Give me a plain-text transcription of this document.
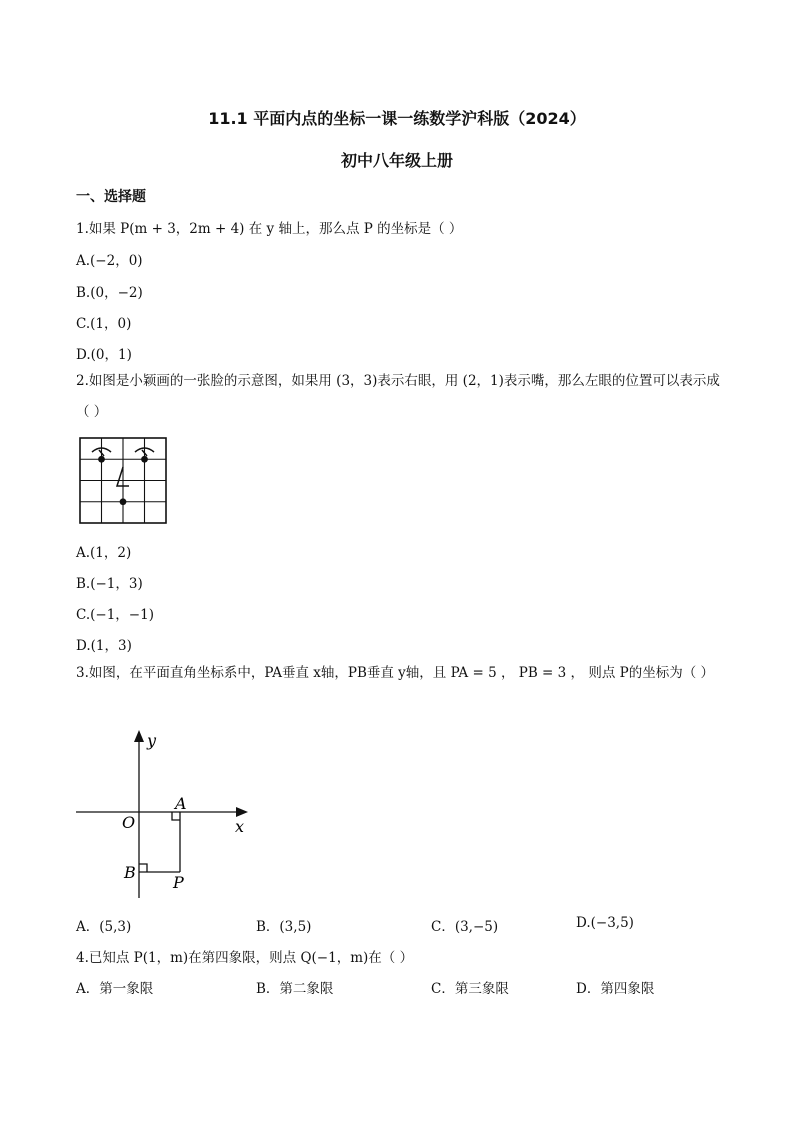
11.1 平面内点的坐标一课一练数学沪科版（2024）
初中八年级上册
一、选择题
1.如果 P(m + 3，2m + 4) 在 y 轴上，那么点 P 的坐标是（ ）
A.(−2，0)
B.(0，−2)
C.(1，0)
D.(0，1)
2.如图是小颖画的一张脸的示意图，如果用 (3，3)表示右眼，用 (2，1)表示嘴，那么左眼的位置可以表示成（ ）
A.(1，2)
B.(−1，3)
C.(−1，−1)
D.(1，3)
3.如图，在平面直角坐标系中，PA垂直 x轴，PB垂直 y轴，且 PA = 5 ， PB = 3 ， 则点 P的坐标为（ ）
y
x
O
A
B
P
A．(5,3)	B．(3,5)	C．(3,−5)	D.(−3,5)
4.已知点 P(1，m)在第四象限，则点 Q(−1，m)在（ ）
A．第一象限	B．第二象限	C．第三象限	D．第四象限
